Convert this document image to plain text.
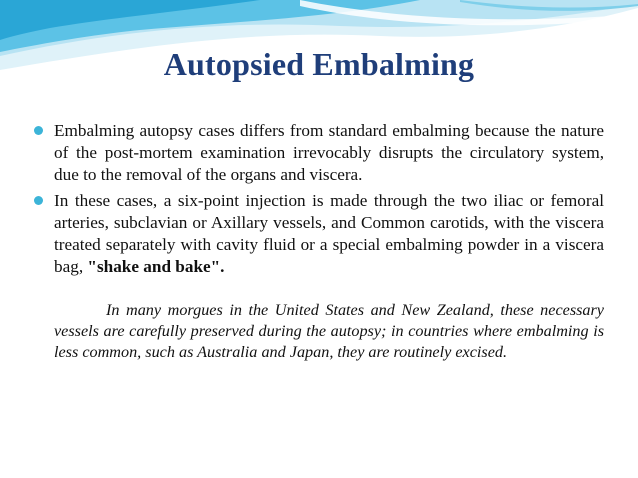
Autopsied Embalming

Embalming autopsy cases differs from standard embalming because the nature of the post-mortem examination irrevocably disrupts the circulatory system, due to the removal of the organs and viscera.

In these cases, a six-point injection is made through the two iliac or femoral arteries, subclavian or Axillary vessels, and Common carotids, with the viscera treated separately with cavity fluid or a special embalming powder in a viscera bag, "shake and bake".

In many morgues in the United States and New Zealand, these necessary vessels are carefully preserved during the autopsy; in countries where embalming is less common, such as Australia and Japan, they are routinely excised.
